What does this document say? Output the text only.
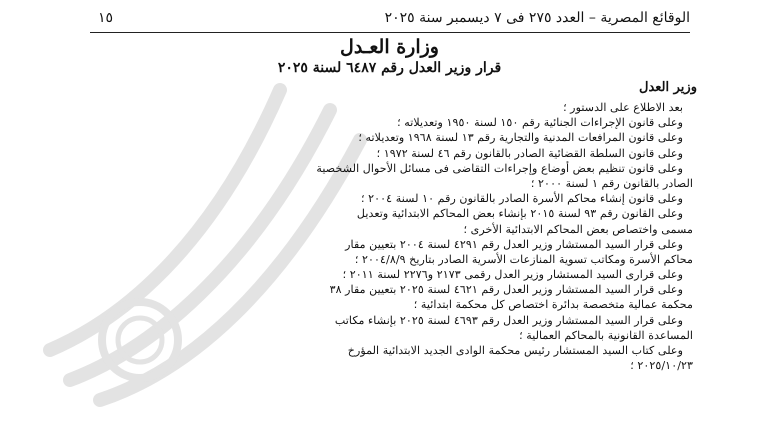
الوقائع المصرية – العدد ٢٧٥ فى ٧ ديسمبر سنة ٢٠٢٥
١٥
وزارة العـدل
قرار وزير العدل رقم ٦٤٨٧ لسنة ٢٠٢٥
وزير العدل
بعد الاطلاع على الدستور ؛
وعلى قانون الإجراءات الجنائية رقم ١٥٠ لسنة ١٩٥٠ وتعديلاته ؛
وعلى قانون المرافعات المدنية والتجارية رقم ١٣ لسنة ١٩٦٨ وتعديلاته ؛
وعلى قانون السلطة القضائية الصادر بالقانون رقم ٤٦ لسنة ١٩٧٢ ؛
وعلى قانون تنظيم بعض أوضاع وإجراءات التقاضى فى مسائل الأحوال الشخصية
الصادر بالقانون رقم ١ لسنة ٢٠٠٠ ؛
وعلى قانون إنشاء محاكم الأسرة الصادر بالقانون رقم ١٠ لسنة ٢٠٠٤ ؛
وعلى القانون رقم ٩٣ لسنة ٢٠١٥ بإنشاء بعض المحاكم الابتدائية وتعديل
مسمى واختصاص بعض المحاكم الابتدائية الأخرى ؛
وعلى قرار السيد المستشار وزير العدل رقم ٤٢٩١ لسنة ٢٠٠٤ بتعيين مقار
محاكم الأسرة ومكاتب تسوية المنازعات الأسرية الصادر بتاريخ ٢٠٠٤/٨/٩ ؛
وعلى قرارى السيد المستشار وزير العدل رقمى ٢١٧٣ و٢٢٧٦ لسنة ٢٠١١ ؛
وعلى قرار السيد المستشار وزير العدل رقم ٤٦٢١ لسنة ٢٠٢٥ بتعيين مقار ٣٨
محكمة عمالية متخصصة بدائرة اختصاص كل محكمة ابتدائية ؛
وعلى قرار السيد المستشار وزير العدل رقم ٤٦٩٣ لسنة ٢٠٢٥ بإنشاء مكاتب
المساعدة القانونية بالمحاكم العمالية ؛
وعلى كتاب السيد المستشار رئيس محكمة الوادى الجديد الابتدائية المؤرخ
٢٠٢٥/١٠/٢٣ ؛
